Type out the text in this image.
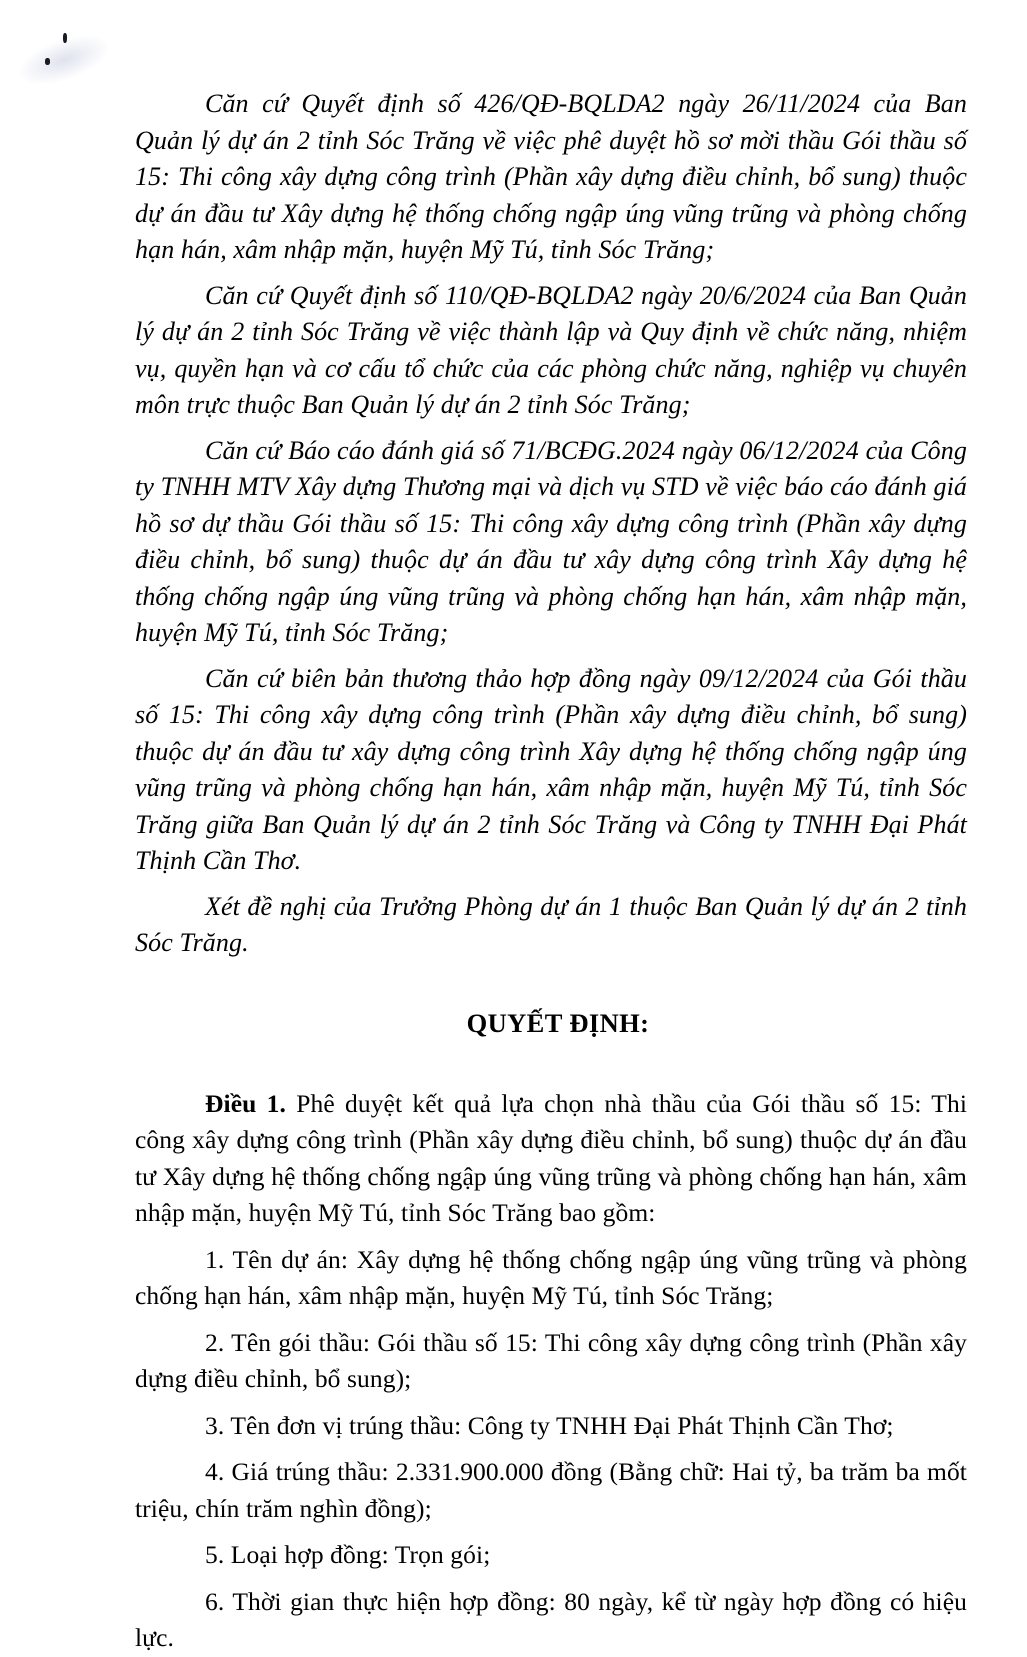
Căn cứ Quyết định số 426/QĐ-BQLDA2 ngày 26/11/2024 của Ban Quản lý dự án 2 tỉnh Sóc Trăng về việc phê duyệt hồ sơ mời thầu Gói thầu số 15: Thi công xây dựng công trình (Phần xây dựng điều chỉnh, bổ sung) thuộc dự án đầu tư Xây dựng hệ thống chống ngập úng vũng trũng và phòng chống hạn hán, xâm nhập mặn, huyện Mỹ Tú, tỉnh Sóc Trăng;

Căn cứ Quyết định số 110/QĐ-BQLDA2 ngày 20/6/2024 của Ban Quản lý dự án 2 tỉnh Sóc Trăng về việc thành lập và Quy định về chức năng, nhiệm vụ, quyền hạn và cơ cấu tổ chức của các phòng chức năng, nghiệp vụ chuyên môn trực thuộc Ban Quản lý dự án 2 tỉnh Sóc Trăng;

Căn cứ Báo cáo đánh giá số 71/BCĐG.2024 ngày 06/12/2024 của Công ty TNHH MTV Xây dựng Thương mại và dịch vụ STD về việc báo cáo đánh giá hồ sơ dự thầu Gói thầu số 15: Thi công xây dựng công trình (Phần xây dựng điều chỉnh, bổ sung) thuộc dự án đầu tư xây dựng công trình Xây dựng hệ thống chống ngập úng vũng trũng và phòng chống hạn hán, xâm nhập mặn, huyện Mỹ Tú, tỉnh Sóc Trăng;

Căn cứ biên bản thương thảo hợp đồng ngày 09/12/2024 của Gói thầu số 15: Thi công xây dựng công trình (Phần xây dựng điều chỉnh, bổ sung) thuộc dự án đầu tư xây dựng công trình Xây dựng hệ thống chống ngập úng vũng trũng và phòng chống hạn hán, xâm nhập mặn, huyện Mỹ Tú, tỉnh Sóc Trăng giữa Ban Quản lý dự án 2 tỉnh Sóc Trăng và Công ty TNHH Đại Phát Thịnh Cần Thơ.

Xét đề nghị của Trưởng Phòng dự án 1 thuộc Ban Quản lý dự án 2 tỉnh Sóc Trăng.

QUYẾT ĐỊNH:

Điều 1. Phê duyệt kết quả lựa chọn nhà thầu của Gói thầu số 15: Thi công xây dựng công trình (Phần xây dựng điều chỉnh, bổ sung) thuộc dự án đầu tư Xây dựng hệ thống chống ngập úng vũng trũng và phòng chống hạn hán, xâm nhập mặn, huyện Mỹ Tú, tỉnh Sóc Trăng bao gồm:

1. Tên dự án: Xây dựng hệ thống chống ngập úng vũng trũng và phòng chống hạn hán, xâm nhập mặn, huyện Mỹ Tú, tỉnh Sóc Trăng;

2. Tên gói thầu: Gói thầu số 15: Thi công xây dựng công trình (Phần xây dựng điều chỉnh, bổ sung);

3. Tên đơn vị trúng thầu: Công ty TNHH Đại Phát Thịnh Cần Thơ;

4. Giá trúng thầu: 2.331.900.000 đồng (Bằng chữ: Hai tỷ, ba trăm ba mốt triệu, chín trăm nghìn đồng);

5. Loại hợp đồng: Trọn gói;

6. Thời gian thực hiện hợp đồng: 80 ngày, kể từ ngày hợp đồng có hiệu lực.
